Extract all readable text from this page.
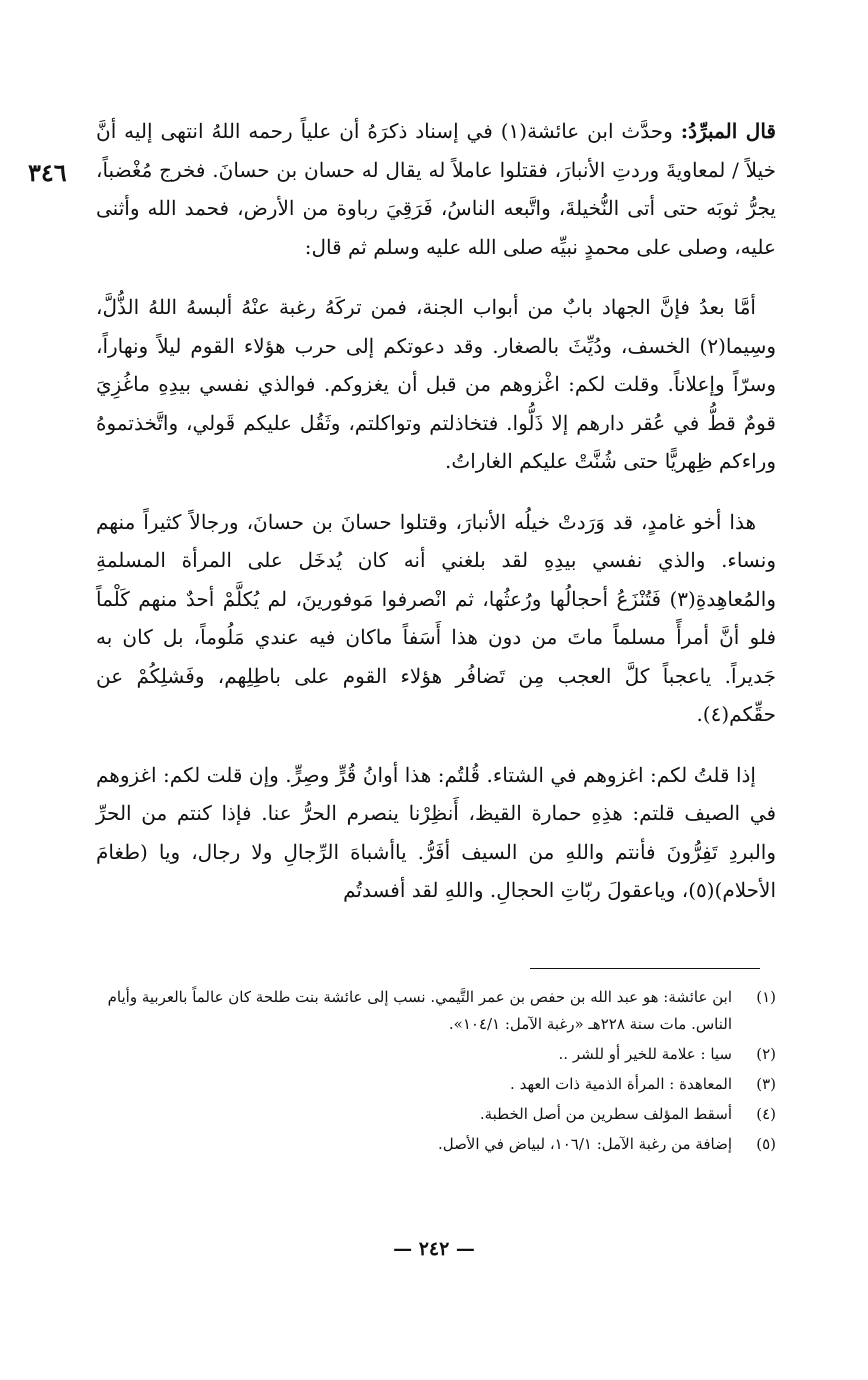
٣٤٦

قال المبرِّدُ: وحدَّث ابن عائشة(١) في إسناد ذكرَهُ أن علياً رحمه اللهُ انتهى إليه أنَّ خيلاً / لمعاويةَ وردتِ الأنبارَ، فقتلوا عاملاً له يقال له حسان بن حسانَ. فخرج مُغْضباً، يجرُّ ثوبَه حتى أتى النُّخيلةَ، واتَّبعه الناسُ، فَرَقِيَ رباوة من الأرض، فحمد الله وأثنى عليه، وصلى على محمدٍ نبيِّه صلى الله عليه وسلم ثم قال:

أمَّا بعدُ فإنَّ الجهاد بابٌ من أبواب الجنة، فمن تركَهُ رغبة عنْهُ ألبسهُ اللهُ الذُّلَّ، وسِيما(٢) الخسف، ودُيِّثَ بالصغار. وقد دعوتكم إلى حرب هؤلاء القوم ليلاً ونهاراً، وسرّاً وإعلاناً. وقلت لكم: اغْزوهم من قبل أن يغزوكم. فوالذي نفسي بيدِهِ ماغُزِيَ قومٌ قطُّ في عُقر دارهم إلا ذَلُّوا. فتخاذلتم وتواكلتم، وثَقُل عليكم قَولي، واتَّخذتموهُ وراءكم ظِهريًّا حتى شُنَّتْ عليكم الغاراتُ.

هذا أخو غامدٍ، قد وَرَدتْ خيلُه الأنبارَ، وقتلوا حسانَ بن حسانَ، ورجالاً كثيراً منهم ونساء. والذي نفسي بيدِهِ لقد بلغني أنه كان يُدخَل على المرأة المسلمةِ والمُعاهِدةِ(٣) فَتُنْزَعُ أحجالُها ورُعثُها، ثم انْصرفوا مَوفورينَ، لم يُكلَّمْ أحدٌ منهم كَلْماً فلو أنَّ أمرأً مسلماً ماتَ من دون هذا أَسَفاً ماكان فيه عندي مَلُوماً، بل كان به جَديراً. ياعجباً كلَّ العجب مِن تَضافُر هؤلاء القوم على باطِلِهم، وفَشلِكُمْ عن حقِّكم(٤).

إذا قلتُ لكم: اغزوهم في الشتاء. قُلتُم: هذا أوانُ قُرٍّ وصِرٍّ. وإن قلت لكم: اغزوهم في الصيف قلتم: هذِهِ حمارة القيظ، أَنظِرْنا ينصرم الحرُّ عنا. فإذا كنتم من الحرِّ والبردِ تَفِرُّونَ فأنتم واللهِ من السيف أفَرُّ. ياأشباهَ الرِّجالِ ولا رجال، ويا (طغامَ الأحلام)(٥)، وياعقولَ ربّاتِ الحجالِ. واللهِ لقد أفسدتُم

(١)
ابن عائشة: هو عبد الله بن حفص بن عمر التَّيمي. نسب إلى عائشة بنت طلحة كان عالماً بالعربية وأيام الناس. مات سنة ٢٢٨هـ «رغبة الآمل: ١٠٤/١».
(٢)
سيا : علامة للخير أو للشر ..
(٣)
المعاهدة : المرأة الذمية ذات العهد .
(٤)
أسقط المؤلف سطرين من أصل الخطبة.
(٥)
إضافة من رغبة الآمل: ١٠٦/١، لبياض في الأصل.
— ٢٤٢ —
